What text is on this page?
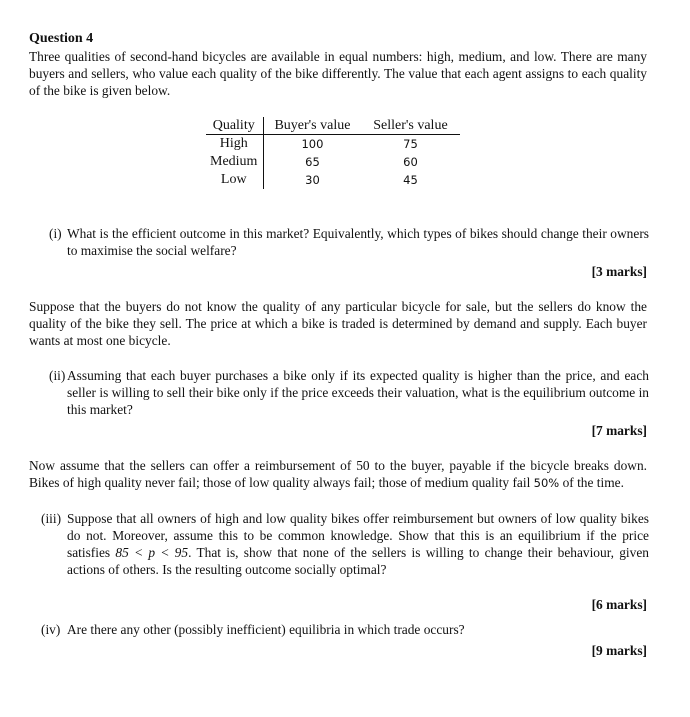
Question 4

Three qualities of second-hand bicycles are available in equal numbers: high, medium, and low. There are many buyers and sellers, who value each quality of the bike differently. The value that each agent assigns to each quality of the bike is given below.

Quality	Buyer's value	Seller's value
High	100	75
Medium	65	60
Low	30	45
(i) What is the efficient outcome in this market? Equivalently, which types of bikes should change their owners to maximise the social welfare?

[3 marks]

Suppose that the buyers do not know the quality of any particular bicycle for sale, but the sellers do know the quality of the bike they sell. The price at which a bike is traded is determined by demand and supply. Each buyer wants at most one bicycle.

(ii) Assuming that each buyer purchases a bike only if its expected quality is higher than the price, and each seller is willing to sell their bike only if the price exceeds their valuation, what is the equilibrium outcome in this market?

[7 marks]

Now assume that the sellers can offer a reimbursement of 50 to the buyer, payable if the bicycle breaks down. Bikes of high quality never fail; those of low quality always fail; those of medium quality fail 50% of the time.

(iii) Suppose that all owners of high and low quality bikes offer reimbursement but owners of low quality bikes do not. Moreover, assume this to be common knowledge. Show that this is an equilibrium if the price satisfies 85 < p < 95. That is, show that none of the sellers is willing to change their behaviour, given actions of others. Is the resulting outcome socially optimal?

[6 marks]
(iv) Are there any other (possibly inefficient) equilibria in which trade occurs?

[9 marks]
